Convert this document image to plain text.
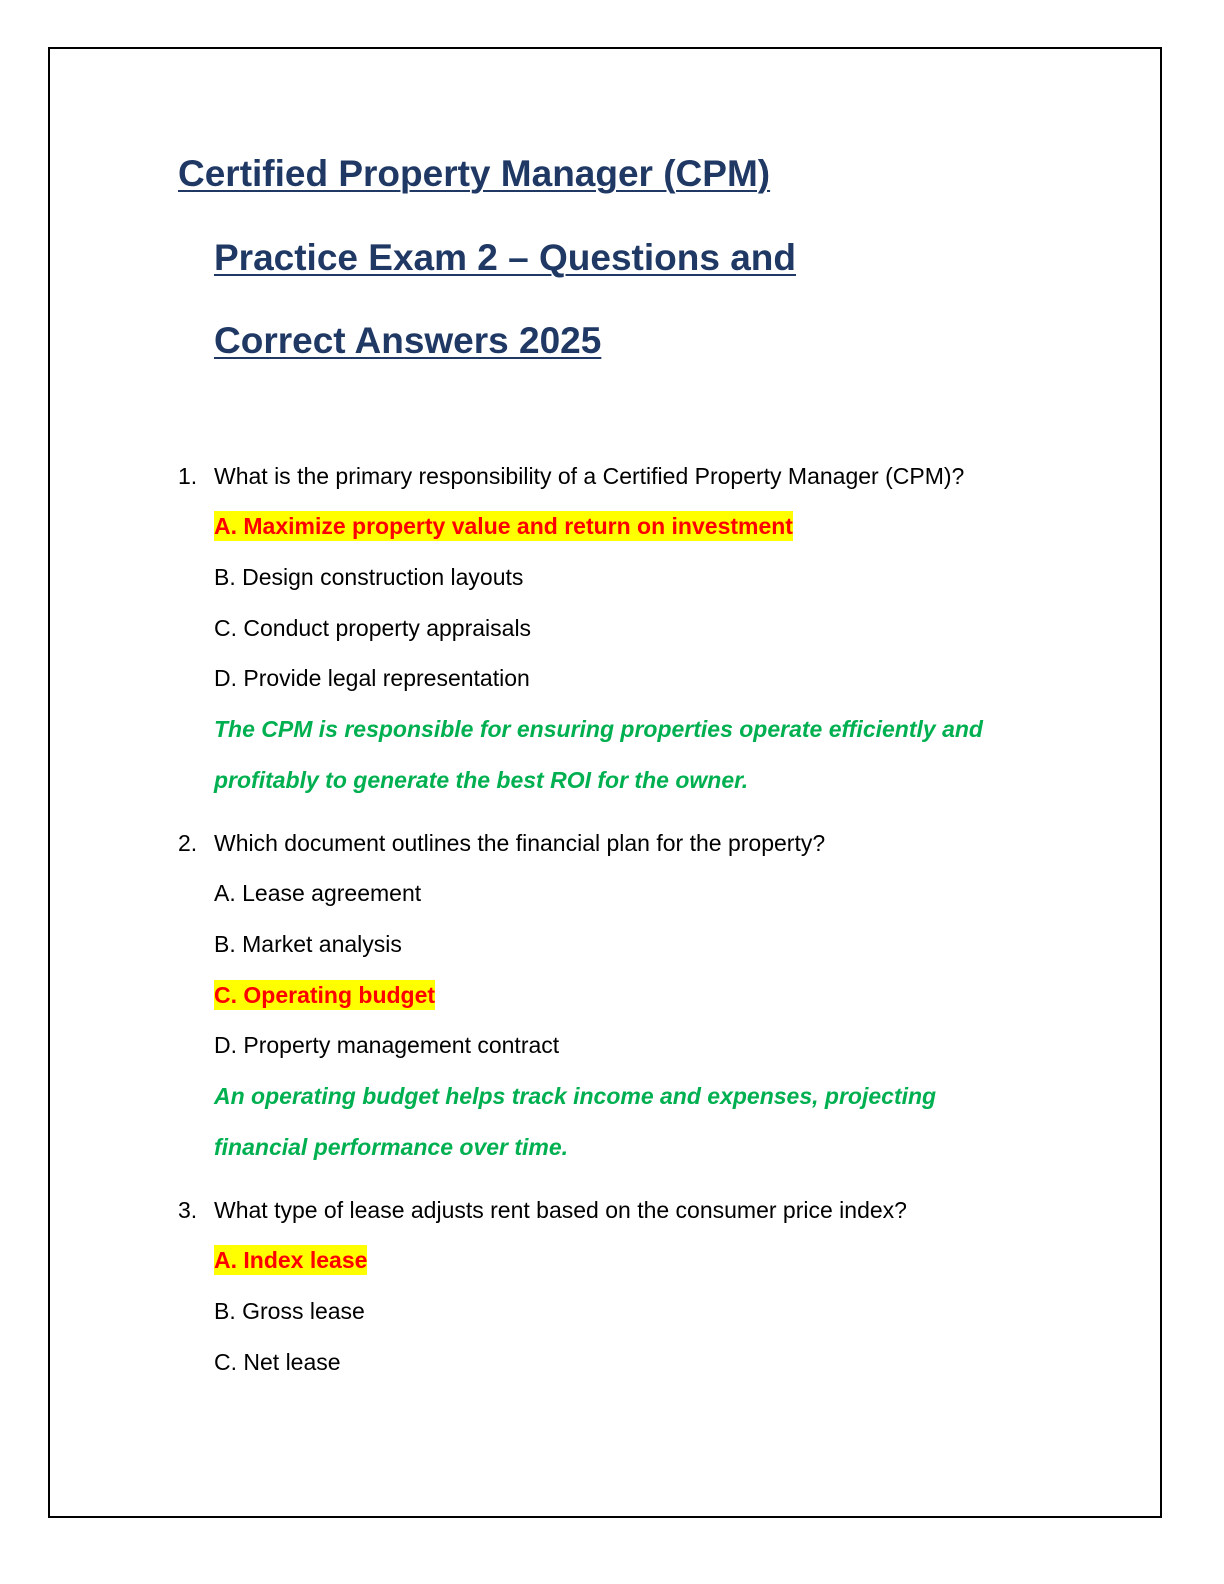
Certified Property Manager (CPM)
Practice Exam 2 – Questions and
Correct Answers 2025
1. What is the primary responsibility of a Certified Property Manager (CPM)?
A. Maximize property value and return on investment
B. Design construction layouts
C. Conduct property appraisals
D. Provide legal representation
The CPM is responsible for ensuring properties operate efficiently and
profitably to generate the best ROI for the owner.
2. Which document outlines the financial plan for the property?
A. Lease agreement
B. Market analysis
C. Operating budget
D. Property management contract
An operating budget helps track income and expenses, projecting
financial performance over time.
3. What type of lease adjusts rent based on the consumer price index?
A. Index lease
B. Gross lease
C. Net lease
